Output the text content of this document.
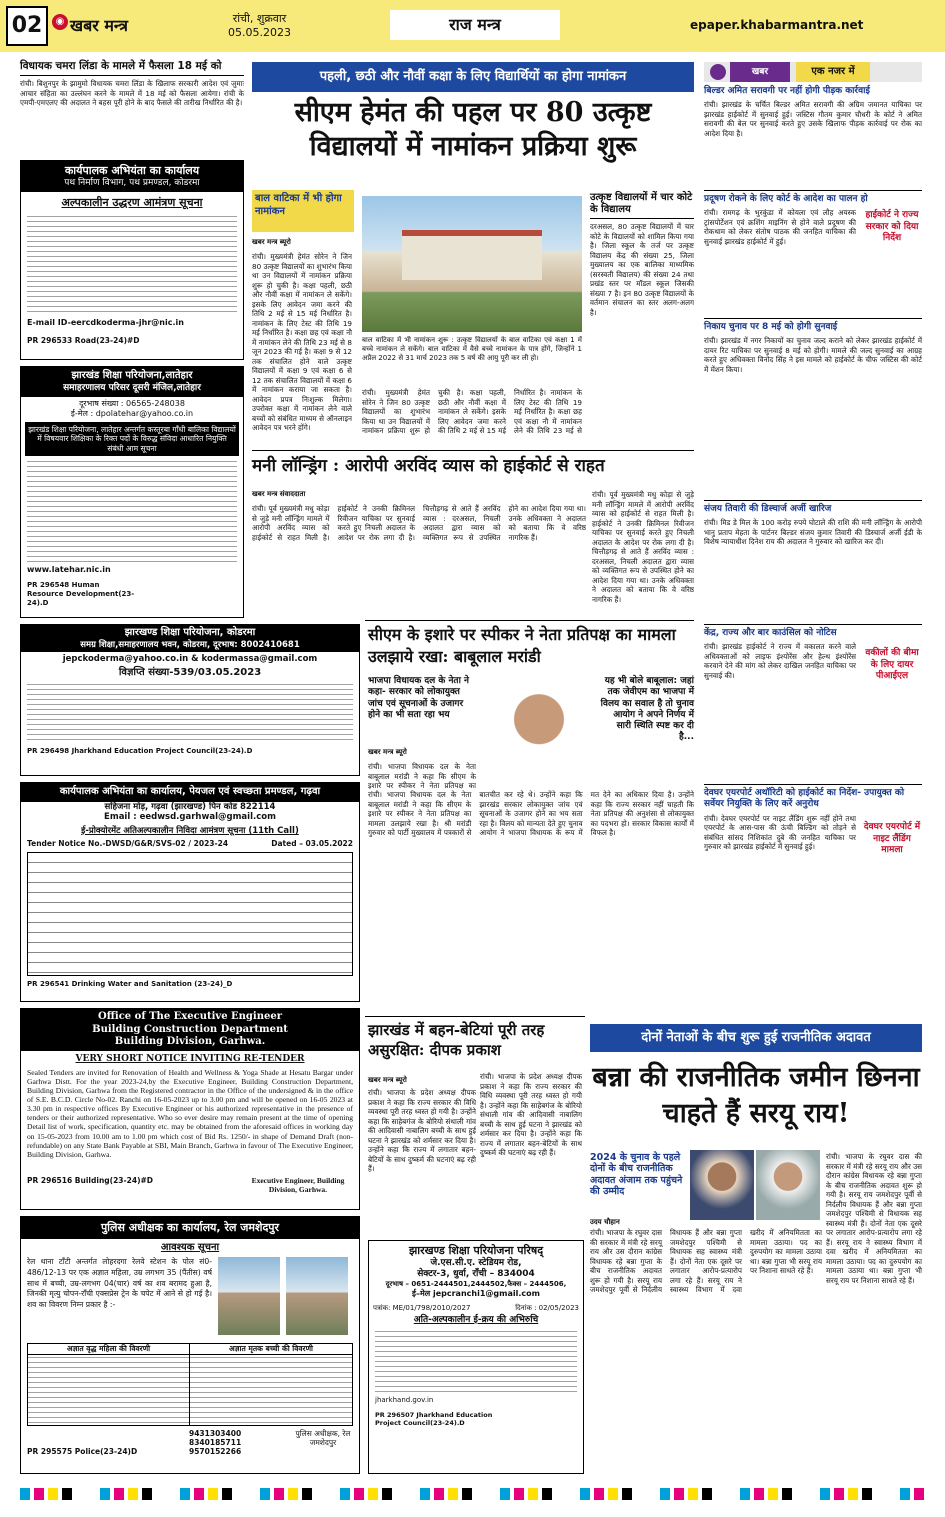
02	◉ खबर मन्त्र	रांची, शुक्रवार
05.05.2023	राज मन्त्र	epaper.khabarmantra.net
विधायक चमरा लिंडा के मामले में फैसला 18 मई को
रांची। बिशुनपुर के झामुमो विधायक चमरा लिंडा के खिलाफ सरकारी आदेश एवं जुमाः आचार संहिता का उल्लंघन करने के मामले में 18 मई को फैसला आयेगा। रांची के एमपी-एमएलए की अदालत ने बहस पूरी होने के बाद फैसले की तारीख निर्धारित की है।
कार्यपालक अभियंता का कार्यालय
पथ निर्माण विभाग, पथ प्रमण्डल, कोडरमा
अल्पकालीन उद्धरण आमंत्रण सूचना
E-mail ID-eercdkoderma-jhr@nic.in
PR 296533 Road(23-24)#D
झारखंड शिक्षा परियोजना,लातेहार
समाहरणालय परिसर दूसरी मंजिल,लातेहार
दूरभाष संख्या : 06565-248038
ई-मेल : dpolatehar@yahoo.co.in
झारखंड शिक्षा परियोजना, लातेहार अन्तर्गत कस्तूरबा गाँधी बालिका विद्यालयों में विषयवार शिक्षिका के रिक्त पदों के विरुद्ध संविदा आधारित नियुक्ति संबंधी आम सूचना
www.latehar.nic.in
PR 296548 Human Resource Development(23-24).D
झारखण्ड शिक्षा परियोजना, कोडरमा
समग्र शिक्षा,समाहरणालय भवन, कोडरमा, दूरभाष: 8002410681
jepckoderma@yahoo.co.in & kodermassa@gmail.com
विज्ञप्ति संख्या-539/03.05.2023
PR 296498 Jharkhand Education Project Council(23-24).D
कार्यपालक अभियंता का कार्यालय, पेयजल एवं स्वच्छता प्रमण्डल, गढ़वा
सहिजना मोड़, गढ़वा (झारखण्ड) पिन कोड 822114
Email : eedwsd.garhwal@gmail.com
ई-प्रोक्योरमेंट अतिअल्पकालीन निविदा आमंत्रण सूचना (11th Call)
Tender Notice No.-DWSD/G&R/SVS-02 / 2023-24	Dated – 03.05.2022
PR 296541 Drinking Water and Sanitation (23-24)_D
Office of The Executive Engineer
Building Construction Department
Building Division, Garhwa.
VERY SHORT NOTICE INVITING RE-TENDER
Sealed Tenders are invited for Renovation of Health and Wellness & Yoga Shade at Hesatu Bargar under Garhwa Distt. For the year 2023-24,by the Executive Engineer, Building Construction Department, Building Division, Garhwa from the Registered contractor in the Office of the undersigned & in the office of S.E. B.C.D. Circle No-02. Ranchi on 16-05-2023 up to 3.00 pm and will be opened on 16-05 2023 at 3.30 pm in respective offices By Executive Engineer or his authorized representative in the presence of tenders or their authorized representative. Who so ever desire may remain present at the time of opening Detail list of work, specification, quantity etc. may be obtained from the aforesaid offices in working day on 15-05-2023 from 10.00 am to 1.00 pm which cost of Bid Rs. 1250/- in shape of Demand Draft (non-refundable) on any State Bank Payable at SBI, Main Branch, Garhwa in favour of The Executive Engineer, Building Division, Garhwa.
PR 296516 Building(23-24)#D	Executive Engineer, Building Division, Garhwa.
पुलिस अधीक्षक का कार्यालय, रेल जमशेदपुर
आवश्यक सूचना
रेल थाना टाँटी अन्तर्गत लोहरदगा रेलवे स्टेशन के पोल सं0-486/12-13 पर एक अज्ञात महिला, उम्र लगभग 35 (पैंतीस) वर्ष साथ में बच्ची, उम्र-लगभग 04(चार) वर्ष का शव बरामद हुआ है, जिनकी मृत्यु चोपन-राँची एक्सप्रेस ट्रेन के चपेट में आने से हो गई है। शव का विवरण निम्न प्रकार है :-
अज्ञात वृद्ध महिला की विवरणी	अज्ञात मृतक बच्ची की विवरणी
PR 295575 Police(23-24)D
9431303400
8340185711
9570152266
पुलिस अधीक्षक, रेल जमशेदपुर
पहली, छठी और नौवीं कक्षा के लिए विद्यार्थियों का होगा नामांकन
सीएम हेमंत की पहल पर 80 उत्कृष्ट विद्यालयों में नामांकन प्रक्रिया शुरू
बाल वाटिका में भी होगा नामांकन
खबर मन्त्र ब्यूरो
रांची। मुख्यमंत्री हेमंत सोरेन ने जिन 80 उत्कृष्ट विद्यालयों का शुभारंभ किया था उन विद्यालयों में नामांकन प्रक्रिया शुरू हो चुकी है। कक्षा पहली, छठी और नौवीं कक्षा में नामांकन ले सकेंगे। इसके लिए आवेदन जमा करने की तिथि 2 मई से 15 मई निर्धारित है। नामांकन के लिए टेस्ट की तिथि 19 मई निर्धारित है। कक्षा छह एवं कक्षा नौ में नामांकन लेने की तिथि 23 मई से 8 जून 2023 की गई है। कक्षा 9 से 12 तक संचालित होने वाले उत्कृष्ट विद्यालयों में कक्षा 9 एवं कक्षा 6 से 12 तक संचालित विद्यालयों में कक्षा 6 में नामांकन कराया जा सकता है। आवेदन प्रपत्र निःशुल्क मिलेगा। उपरोक्त कक्षा में नामांकन लेने वाले बच्चों को संबंधित माध्यम से ऑनलाइन आवेदन पत्र भरने होंगे।
बाल वाटिका में भी नामांकन शुरू : उत्कृष्ट विद्यालयों के बाल वाटिका एवं कक्षा 1 में बच्चे नामांकन ले सकेंगे। बाल वाटिका में वैसे बच्चे नामांकन के पात्र होंगे, जिन्होंने 1 अप्रैल 2022 से 31 मार्च 2023 तक 5 वर्ष की आयु पूरी कर ली हो।
रांची। मुख्यमंत्री हेमंत सोरेन ने जिन 80 उत्कृष्ट विद्यालयों का शुभारंभ किया था उन विद्यालयों में नामांकन प्रक्रिया शुरू हो चुकी है। कक्षा पहली, छठी और नौवीं कक्षा में नामांकन ले सकेंगे। इसके लिए आवेदन जमा करने की तिथि 2 मई से 15 मई निर्धारित है। नामांकन के लिए टेस्ट की तिथि 19 मई निर्धारित है। कक्षा छह एवं कक्षा नौ में नामांकन लेने की तिथि 23 मई से
उत्कृष्ट विद्यालयों में चार कोटे के विद्यालय
दरअसल, 80 उत्कृष्ट विद्यालयों में चार कोटे के विद्यालयों को शामिल किया गया है। जिला स्कूल के तर्ज पर उत्कृष्ट विद्यालय केंद्र की संख्या 25, जिला मुख्यालय का एक बालिका माध्यमिक (सरस्वती विद्यालय) की संख्या 24 तथा प्रखंड स्तर पर मॉडल स्कूल जिसकी संख्या 7 है। इन 80 उत्कृष्ट विद्यालयों के वर्तमान संचालन का स्तर अलग-अलग है।
मनी लॉन्ड्रिंग : आरोपी अरविंद व्यास को हाईकोर्ट से राहत
खबर मन्त्र संवाददाता
रांची। पूर्व मुख्यमंत्री मधु कोड़ा से जुड़े मनी लॉन्ड्रिंग मामले में आरोपी अरविंद व्यास को हाईकोर्ट से राहत मिली है। हाईकोर्ट ने उनकी क्रिमिनल रिवीजन याचिका पर सुनवाई करते हुए निचली अदालत के आदेश पर रोक लगा दी है। चित्तौड़गढ़ से आते हैं अरविंद व्यास : दरअसल, निचली अदालत द्वारा व्यास को व्यक्तिगत रूप से उपस्थित होने का आदेश दिया गया था। उनके अधिवक्ता ने अदालत को बताया कि वे वरिष्ठ नागरिक हैं।
रांची। पूर्व मुख्यमंत्री मधु कोड़ा से जुड़े मनी लॉन्ड्रिंग मामले में आरोपी अरविंद व्यास को हाईकोर्ट से राहत मिली है। हाईकोर्ट ने उनकी क्रिमिनल रिवीजन याचिका पर सुनवाई करते हुए निचली अदालत के आदेश पर रोक लगा दी है। चित्तौड़गढ़ से आते हैं अरविंद व्यास : दरअसल, निचली अदालत द्वारा व्यास को व्यक्तिगत रूप से उपस्थित होने का आदेश दिया गया था। उनके अधिवक्ता ने अदालत को बताया कि वे वरिष्ठ नागरिक हैं।
सीएम के इशारे पर स्पीकर ने नेता प्रतिपक्ष का मामला उलझाये रखा: बाबूलाल मरांडी
भाजपा विधायक दल के नेता ने कहा- सरकार को लोकायुक्त जांच एवं सूचनाओं के उजागर होने का भी सता रहा भय
यह भी बोले बाबूलाल: जहां तक जेवीएम का भाजपा में विलय का सवाल है तो चुनाव आयोग ने अपने निर्णय में सारी स्थिति स्पष्ट कर दी है...
खबर मन्त्र ब्यूरो
रांची। भाजपा विधायक दल के नेता बाबूलाल मरांडी ने कहा कि सीएम के इशारे पर स्पीकर ने नेता प्रतिपक्ष का मामला उलझाये रखा है। श्री मरांडी गुरुवार को पार्टी मुख्यालय में पत्रकारों से बातचीत कर रहे थे। उन्होंने कहा कि झारखंड सरकार लोकायुक्त जांच एवं सूचनाओं के उजागर होने का भय सता रहा है। विलय को मान्यता देते हुए चुनाव आयोग ने भाजपा विधायक के रूप में मत देने का अधिकार दिया है। उन्होंने कहा कि राज्य सरकार नहीं चाहती कि नेता प्रतिपक्ष की अनुशंसा से लोकायुक्त का पदभरा हो। सरकार विकास कार्यों में विफल है।
रांची। भाजपा विधायक दल के नेता बाबूलाल मरांडी ने कहा कि सीएम के इशारे पर स्पीकर ने नेता प्रतिपक्ष का
झारखंड में बहन-बेटियां पूरी तरह असुरक्षित: दीपक प्रकाश
खबर मन्त्र ब्यूरो
रांची। भाजपा के प्रदेश अध्यक्ष दीपक प्रकाश ने कहा कि राज्य सरकार की विधि व्यवस्था पूरी तरह ध्वस्त हो गयी है। उन्होंने कहा कि साहेबगंज के बोरियो संथाली गांव की आदिवासी नाबालिग बच्ची के साथ हुई घटना ने झारखंड को शर्मसार कर दिया है। उन्होंने कहा कि राज्य में लगातार बहन-बेटियों के साथ दुष्कर्म की घटनाएं बढ़ रही हैं।
रांची। भाजपा के प्रदेश अध्यक्ष दीपक प्रकाश ने कहा कि राज्य सरकार की विधि व्यवस्था पूरी तरह ध्वस्त हो गयी है। उन्होंने कहा कि साहेबगंज के बोरियो संथाली गांव की आदिवासी नाबालिग बच्ची के साथ हुई घटना ने झारखंड को शर्मसार कर दिया है। उन्होंने कहा कि राज्य में लगातार बहन-बेटियों के साथ दुष्कर्म की घटनाएं बढ़ रही हैं।
झारखण्ड शिक्षा परियोजना परिषद्
जे.एस.सी.ए. स्टेडियम रोड,
सेक्टर-3, धुर्वा, राँची – 834004
दूरभाष – 0651-2444501,2444502,फैक्स – 2444506,
ई–मेल jepcranchi1@gmail.com
पत्रांक: ME/01/798/2010/2027	दिनांक : 02/05/2023
अति-अल्पकालीन ई-क्रय की अभिरुचि
jharkhand.gov.in
PR 296507 Jharkhand Education Project Council(23-24).D
दोनों नेताओं के बीच शुरू हुई राजनीतिक अदावत
बन्ना की राजनीतिक जमीन छिनना चाहते हैं सरयू राय!
2024 के चुनाव के पहले दोनों के बीच राजनीतिक अदावत अंजाम तक पहुंचने की उम्मीद
उदय चौहान
रांची। भाजपा के रघुवर दास की सरकार में मंत्री रहे सरयू राय और उस दौरान कांग्रेस विधायक रहे बन्ना गुप्ता के बीच राजनीतिक अदावत शुरू हो गयी है। सरयू राय जमशेदपुर पूर्वी से निर्दलीय विधायक हैं और बन्ना गुप्ता जमशेदपुर पश्चिमी से विधायक सह स्वास्थ्य मंत्री हैं। दोनों नेता एक दूसरे पर लगातार आरोप-प्रत्यारोप लगा रहे हैं। सरयू राय ने स्वास्थ्य विभाग में दवा खरीद में अनियमितता का मामला उठाया। पद का दुरुपयोग का मामला उठाया था। बन्ना गुप्ता भी सरयू राय पर निशाना साधते रहे हैं।
रांची। भाजपा के रघुवर दास की सरकार में मंत्री रहे सरयू राय और उस दौरान कांग्रेस विधायक रहे बन्ना गुप्ता के बीच राजनीतिक अदावत शुरू हो गयी है। सरयू राय जमशेदपुर पूर्वी से निर्दलीय विधायक हैं और बन्ना गुप्ता जमशेदपुर पश्चिमी से विधायक सह स्वास्थ्य मंत्री हैं। दोनों नेता एक दूसरे पर लगातार आरोप-प्रत्यारोप लगा रहे हैं। सरयू राय ने स्वास्थ्य विभाग में दवा खरीद में अनियमितता का मामला उठाया। पद का दुरुपयोग का मामला उठाया था। बन्ना गुप्ता भी सरयू राय पर निशाना साधते रहे हैं।
खबर	एक नजर में
बिल्डर अमित सरावगी पर नहीं होगी पीड़क कार्रवाई
रांची। झारखंड के चर्चित बिल्डर अमित सरावगी की अग्रिम जमानत याचिका पर झारखंड हाईकोर्ट में सुनवाई हुई। जस्टिस गौतम कुमार चौधरी के कोर्ट ने अमित सरावगी की बेल पर सुनवाई करते हुए उसके खिलाफ पीड़क कार्रवाई पर रोक का आदेश दिया है।
प्रदूषण रोकने के लिए कोर्ट के आदेश का पालन हो
रांची। रामगढ़ के भुरकुंडा में कोयला एवं लौह अयस्क ट्रांसपोर्टेशन एवं क्रशिंग माइनिंग से होने वाले प्रदूषण की रोकथाम को लेकर संतोष पाठक की जनहित याचिका की सुनवाई झारखंड हाईकोर्ट में हुई।
हाईकोर्ट ने राज्य सरकार को दिया निर्देश
निकाय चुनाव पर 8 मई को होगी सुनवाई
रांची। झारखंड में नगर निकायों का चुनाव जल्द कराने को लेकर झारखंड हाईकोर्ट में दायर रिट याचिका पर सुनवाई 8 मई को होगी। मामले की जल्द सुनवाई का आग्रह करते हुए अधिवक्ता विनोद सिंह ने इस मामले को हाईकोर्ट के चीफ जस्टिस की कोर्ट में मेंशन किया।
संजय तिवारी की डिस्चार्ज अर्जी खारिज
रांची। मिड डे मिल के 100 करोड़ रुपये घोटाले की राशि की मनी लॉन्ड्रिंग के आरोपी भानु प्रताप मेहता के पार्टनर बिल्डर संजय कुमार तिवारी की डिस्चार्ज अर्जी ईडी के विशेष न्यायाधीश दिनेश राय की अदालत ने गुरुवार को खारिज कर दी।
केंद्र, राज्य और बार काउंसिल को नोटिस
रांची। झारखंड हाईकोर्ट ने राज्य में वकालत करने वाले अधिवक्ताओं को लाइफ इंश्योरेंस और हेल्थ इंश्योरेंस करवाने देने की मांग को लेकर दाखिल जनहित याचिका पर सुनवाई की।
वकीलों की बीमा के लिए दायर पीआईएल
देवघर एयरपोर्ट अथॉरिटी को हाईकोर्ट का निर्देश- उपायुक्त को सर्वेयर नियुक्ति के लिए करें अनुरोध
रांची। देवघर एयरपोर्ट पर नाइट लैंडिंग शुरू नहीं होने तथा एयरपोर्ट के आस-पास की ऊंची बिल्डिंग को तोड़ने से संबंधित सांसद निशिकांत दुबे की जनहित याचिका पर गुरुवार को झारखंड हाईकोर्ट में सुनवाई हुई।
देवघर एयरपोर्ट में नाइट लैंडिंग मामला
